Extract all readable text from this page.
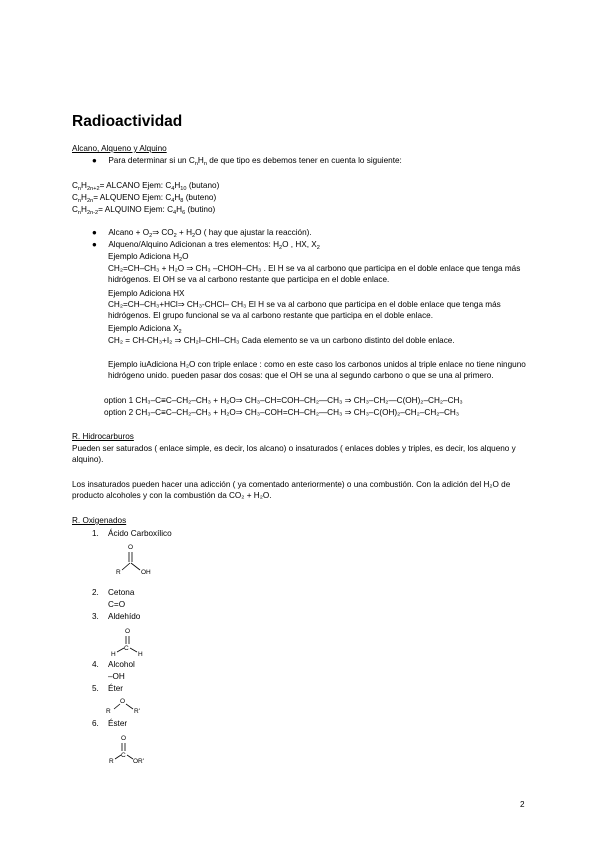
Radioactividad
Alcano, Alqueno y Alquino
●     Para determinar si un $C_nH_n$ de que tipo es debemos tener en cuenta lo siguiente:
$C_nH_{2n+2}=$ ALCANO Ejem: $C_4H_{10}$ (butano)
$C_nH_{2n}=$ ALQUENO Ejem: $C_4H_8$ (buteno)
$C_nH_{2n-2}=$ ALQUINO Ejem: $C_4H_6$ (butino)
●     Alcano + $O_2\Rightarrow$ $CO_2 + H_2O$ ( hay que ajustar la reacción).
●     Alqueno/Alquino Adicionan a tres elementos: $H_2O$ , HX, $X_2$
Ejemplo Adiciona $H_2O$
CH₂=CH–CH₃ + H₂O ⇒ CH₃ –CHOH–CH₃ . El H se va al carbono que participa en el doble enlace que tenga más hidrógenos. El OH se va al carbono restante que participa en el doble enlace.
Ejemplo Adiciona HX
CH₂=CH–CH₃+HCl⇒ CH₃-CHCl– CH₃ El H se va al carbono que participa en el doble enlace que tenga más hidrógenos. El grupo funcional se va al carbono restante que participa en el doble enlace.
Ejemplo Adiciona $X_2$
CH₂ = CH-CH₃+I₂ ⇒ CH₂I–CHI–CH₃ Cada elemento se va un carbono distinto del doble enlace.
Ejemplo iuAdiciona H₂O con triple enlace : como en este caso los carbonos unidos al triple enlace no tiene ninguno hidrógeno unido. pueden pasar dos cosas: que el OH se una al segundo carbono o que se una al primero.
option 1 CH₃–C≡C–CH₂–CH₃ + H₂O⇒ CH₃–CH=COH–CH₂—CH₃ ⇒ CH₃–CH₂—C(OH)₂–CH₂–CH₃
option 2 CH₃–C≡C–CH₂–CH₃ + H₂O⇒ CH₃–COH=CH–CH₂—CH₃ ⇒ CH₃–C(OH)₂–CH₂–CH₂–CH₃
R. Hidrocarburos
Pueden ser saturados ( enlace simple, es decir, los alcano) o insaturados ( enlaces dobles y triples, es decir, los alqueno y alquino).
Los insaturados pueden hacer una adicción ( ya comentado anteriormente) o una combustión. Con la adición del H₂O de producto alcoholes y con la combustión da CO₂ + H₂O.
R. Oxigenados
1. Ácido Carboxílico
O
R	OH
2. Cetona
C=O
3. Aldehído
O
C
H	H
4. Alcohol
–OH
5. Éter
O
R	R'
6. Éster
O
C
R	OR'
2
